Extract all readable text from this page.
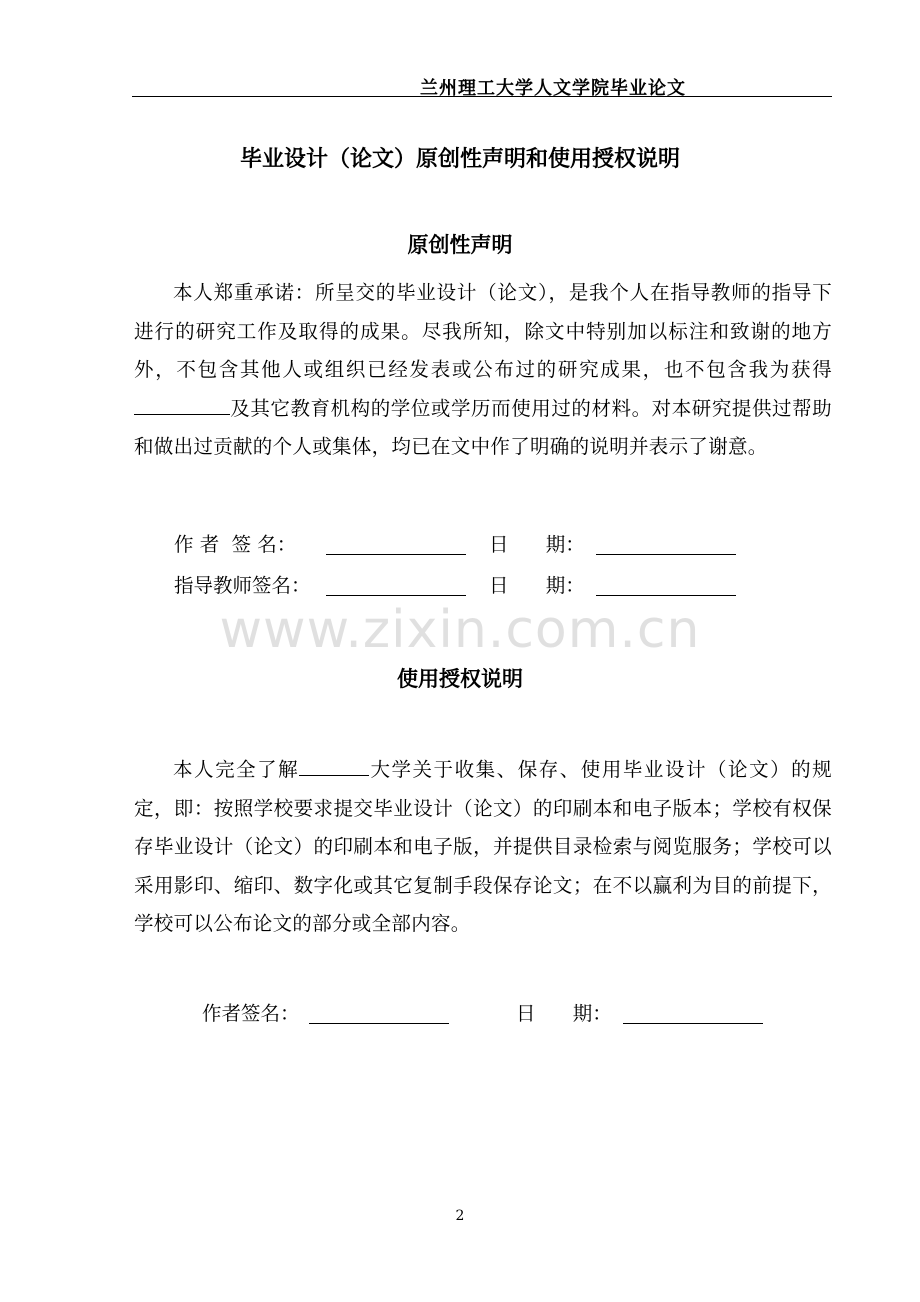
兰州理工大学人文学院毕业论文
毕业设计（论文）原创性声明和使用授权说明
原创性声明
本人郑重承诺：所呈交的毕业设计（论文），是我个人在指导教师的指导下进行的研究工作及取得的成果。尽我所知，除文中特别加以标注和致谢的地方外，不包含其他人或组织已经发表或公布过的研究成果，也不包含我为获得及其它教育机构的学位或学历而使用过的材料。对本研究提供过帮助和做出过贡献的个人或集体，均已在文中作了明确的说明并表示了谢意。
作 者  签 名：	日      期：
指导教师签名：	日      期：
www.zixin.com.cn
使用授权说明
本人完全了解	大学关于收集、保存、使用毕业设计（论文）的规定，即：按照学校要求提交毕业设计（论文）的印刷本和电子版本；学校有权保存毕业设计（论文）的印刷本和电子版，并提供目录检索与阅览服务；学校可以采用影印、缩印、数字化或其它复制手段保存论文；在不以赢利为目的前提下，学校可以公布论文的部分或全部内容。
作者签名：	日      期：
2
